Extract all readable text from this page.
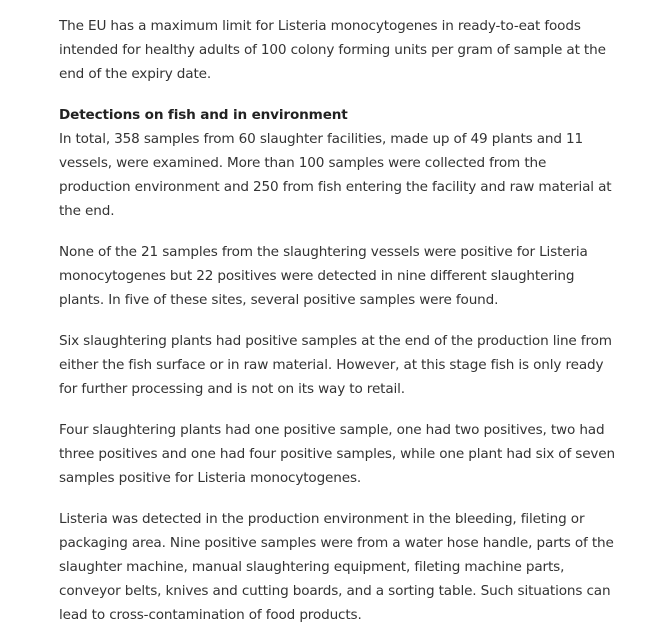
The EU has a maximum limit for Listeria monocytogenes in ready-to-eat foods intended for healthy adults of 100 colony forming units per gram of sample at the end of the expiry date.

Detections on fish and in environment

In total, 358 samples from 60 slaughter facilities, made up of 49 plants and 11 vessels, were examined. More than 100 samples were collected from the production environment and 250 from fish entering the facility and raw material at the end.

None of the 21 samples from the slaughtering vessels were positive for Listeria monocytogenes but 22 positives were detected in nine different slaughtering plants. In five of these sites, several positive samples were found.

Six slaughtering plants had positive samples at the end of the production line from either the fish surface or in raw material. However, at this stage fish is only ready for further processing and is not on its way to retail.

Four slaughtering plants had one positive sample, one had two positives, two had three positives and one had four positive samples, while one plant had six of seven samples positive for Listeria monocytogenes.

Listeria was detected in the production environment in the bleeding, fileting or packaging area. Nine positive samples were from a water hose handle, parts of the slaughter machine, manual slaughtering equipment, fileting machine parts, conveyor belts, knives and cutting boards, and a sorting table. Such situations can lead to cross-contamination of food products.
